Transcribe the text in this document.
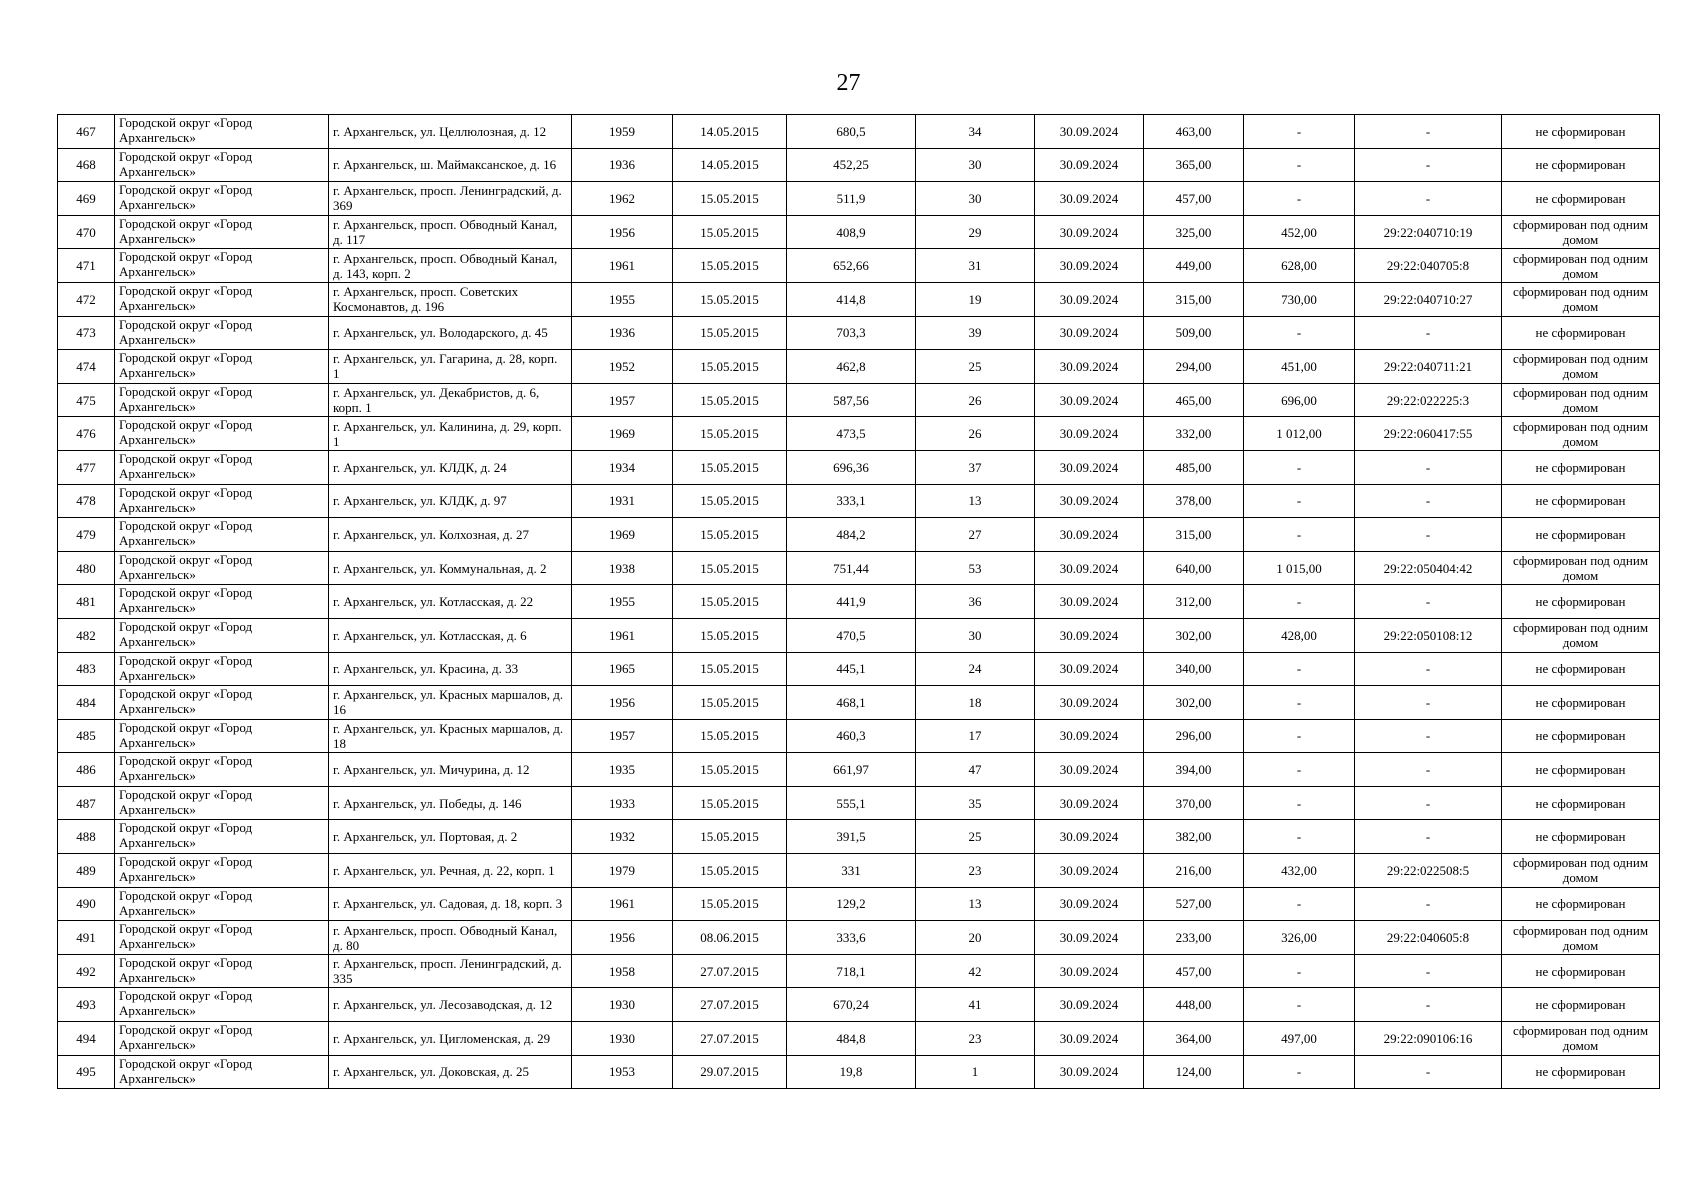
27
467	Городской округ «Город Архангельск»	г. Архангельск, ул. Целлюлозная, д. 12	1959	14.05.2015	680,5	34	30.09.2024	463,00	-	-	не сформирован
468	Городской округ «Город Архангельск»	г. Архангельск, ш. Маймаксанское, д. 16	1936	14.05.2015	452,25	30	30.09.2024	365,00	-	-	не сформирован
469	Городской округ «Город Архангельск»	г. Архангельск, просп. Ленинградский, д. 369	1962	15.05.2015	511,9	30	30.09.2024	457,00	-	-	не сформирован
470	Городской округ «Город Архангельск»	г. Архангельск, просп. Обводный Канал, д. 117	1956	15.05.2015	408,9	29	30.09.2024	325,00	452,00	29:22:040710:19	сформирован под одним домом
471	Городской округ «Город Архангельск»	г. Архангельск, просп. Обводный Канал, д. 143, корп. 2	1961	15.05.2015	652,66	31	30.09.2024	449,00	628,00	29:22:040705:8	сформирован под одним домом
472	Городской округ «Город Архангельск»	г. Архангельск, просп. Советских Космонавтов, д. 196	1955	15.05.2015	414,8	19	30.09.2024	315,00	730,00	29:22:040710:27	сформирован под одним домом
473	Городской округ «Город Архангельск»	г. Архангельск, ул. Володарского, д. 45	1936	15.05.2015	703,3	39	30.09.2024	509,00	-	-	не сформирован
474	Городской округ «Город Архангельск»	г. Архангельск, ул. Гагарина, д. 28, корп. 1	1952	15.05.2015	462,8	25	30.09.2024	294,00	451,00	29:22:040711:21	сформирован под одним домом
475	Городской округ «Город Архангельск»	г. Архангельск, ул. Декабристов, д. 6, корп. 1	1957	15.05.2015	587,56	26	30.09.2024	465,00	696,00	29:22:022225:3	сформирован под одним домом
476	Городской округ «Город Архангельск»	г. Архангельск, ул. Калинина, д. 29, корп. 1	1969	15.05.2015	473,5	26	30.09.2024	332,00	1 012,00	29:22:060417:55	сформирован под одним домом
477	Городской округ «Город Архангельск»	г. Архангельск, ул. КЛДК, д. 24	1934	15.05.2015	696,36	37	30.09.2024	485,00	-	-	не сформирован
478	Городской округ «Город Архангельск»	г. Архангельск, ул. КЛДК, д. 97	1931	15.05.2015	333,1	13	30.09.2024	378,00	-	-	не сформирован
479	Городской округ «Город Архангельск»	г. Архангельск, ул. Колхозная, д. 27	1969	15.05.2015	484,2	27	30.09.2024	315,00	-	-	не сформирован
480	Городской округ «Город Архангельск»	г. Архангельск, ул. Коммунальная, д. 2	1938	15.05.2015	751,44	53	30.09.2024	640,00	1 015,00	29:22:050404:42	сформирован под одним домом
481	Городской округ «Город Архангельск»	г. Архангельск, ул. Котласская, д. 22	1955	15.05.2015	441,9	36	30.09.2024	312,00	-	-	не сформирован
482	Городской округ «Город Архангельск»	г. Архангельск, ул. Котласская, д. 6	1961	15.05.2015	470,5	30	30.09.2024	302,00	428,00	29:22:050108:12	сформирован под одним домом
483	Городской округ «Город Архангельск»	г. Архангельск, ул. Красина, д. 33	1965	15.05.2015	445,1	24	30.09.2024	340,00	-	-	не сформирован
484	Городской округ «Город Архангельск»	г. Архангельск, ул. Красных маршалов, д. 16	1956	15.05.2015	468,1	18	30.09.2024	302,00	-	-	не сформирован
485	Городской округ «Город Архангельск»	г. Архангельск, ул. Красных маршалов, д. 18	1957	15.05.2015	460,3	17	30.09.2024	296,00	-	-	не сформирован
486	Городской округ «Город Архангельск»	г. Архангельск, ул. Мичурина, д. 12	1935	15.05.2015	661,97	47	30.09.2024	394,00	-	-	не сформирован
487	Городской округ «Город Архангельск»	г. Архангельск, ул. Победы, д. 146	1933	15.05.2015	555,1	35	30.09.2024	370,00	-	-	не сформирован
488	Городской округ «Город Архангельск»	г. Архангельск, ул. Портовая, д. 2	1932	15.05.2015	391,5	25	30.09.2024	382,00	-	-	не сформирован
489	Городской округ «Город Архангельск»	г. Архангельск, ул. Речная, д. 22, корп. 1	1979	15.05.2015	331	23	30.09.2024	216,00	432,00	29:22:022508:5	сформирован под одним домом
490	Городской округ «Город Архангельск»	г. Архангельск, ул. Садовая, д. 18, корп. 3	1961	15.05.2015	129,2	13	30.09.2024	527,00	-	-	не сформирован
491	Городской округ «Город Архангельск»	г. Архангельск, просп. Обводный Канал, д. 80	1956	08.06.2015	333,6	20	30.09.2024	233,00	326,00	29:22:040605:8	сформирован под одним домом
492	Городской округ «Город Архангельск»	г. Архангельск, просп. Ленинградский, д. 335	1958	27.07.2015	718,1	42	30.09.2024	457,00	-	-	не сформирован
493	Городской округ «Город Архангельск»	г. Архангельск, ул. Лесозаводская, д. 12	1930	27.07.2015	670,24	41	30.09.2024	448,00	-	-	не сформирован
494	Городской округ «Город Архангельск»	г. Архангельск, ул. Цигломенская, д. 29	1930	27.07.2015	484,8	23	30.09.2024	364,00	497,00	29:22:090106:16	сформирован под одним домом
495	Городской округ «Город Архангельск»	г. Архангельск, ул. Доковская, д. 25	1953	29.07.2015	19,8	1	30.09.2024	124,00	-	-	не сформирован
